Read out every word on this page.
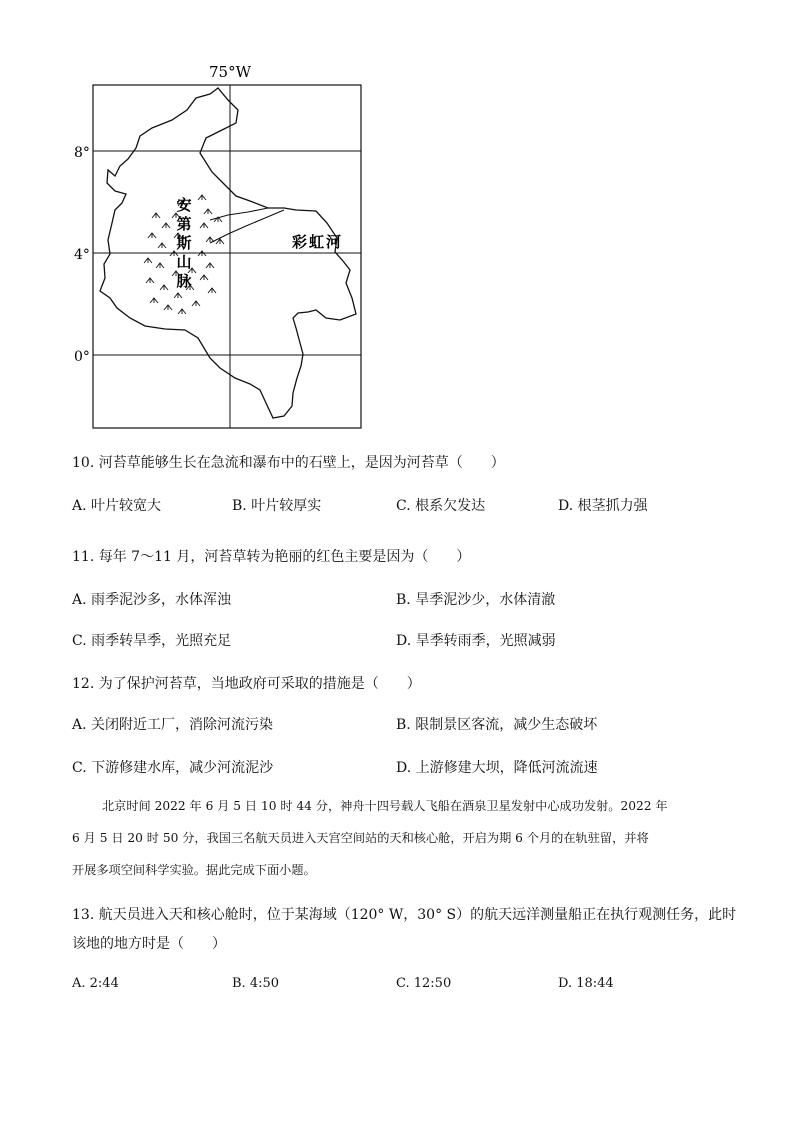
75°W
8°
4°
0°
安
第
斯
山
脉
彩虹河
10. 河苔草能够生长在急流和瀑布中的石壁上，是因为河苔草（　　）
A. 叶片较宽大	B. 叶片较厚实	C. 根系欠发达	D. 根茎抓力强
11. 每年 7～11 月，河苔草转为艳丽的红色主要是因为（　　）
A. 雨季泥沙多，水体浑浊	B. 旱季泥沙少，水体清澈
C. 雨季转旱季，光照充足	D. 旱季转雨季，光照减弱
12. 为了保护河苔草，当地政府可采取的措施是（　　）
A. 关闭附近工厂，消除河流污染	B. 限制景区客流，减少生态破坏
C. 下游修建水库，减少河流泥沙	D. 上游修建大坝，降低河流流速
北京时间 2022 年 6 月 5 日 10 时 44 分，神舟十四号载人飞船在酒泉卫星发射中心成功发射。2022 年
6 月 5 日 20 时 50 分，我国三名航天员进入天宫空间站的天和核心舱，开启为期 6 个月的在轨驻留，并将
开展多项空间科学实验。据此完成下面小题。
13. 航天员进入天和核心舱时，位于某海域（120° W，30° S）的航天远洋测量船正在执行观测任务，此时
该地的地方时是（　　）
A. 2:44	B. 4:50	C. 12:50	D. 18:44
